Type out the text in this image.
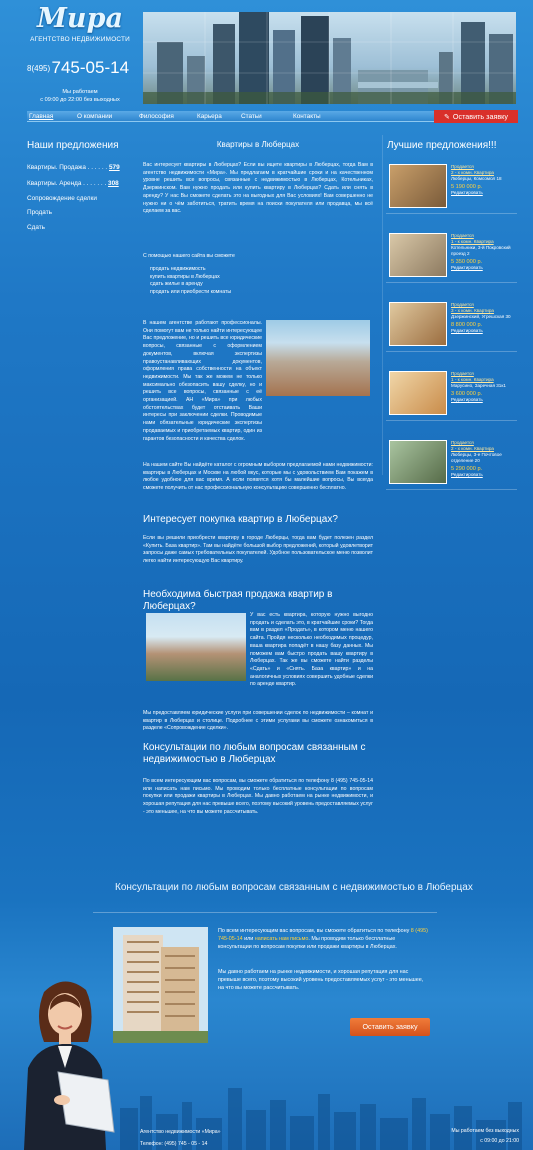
Мира
АГЕНТСТВО НЕДВИЖИМОСТИ
8(495) 745-05-14
Мы работаем
с 09:00 до 22:00 без выходных
Главная	О компании	Философия	Карьера	Статьи	Контакты	✎ Оставить заявку
Наши предложения
Квартиры. Продажа . . . . . . 579
Квартиры. Аренда . . . . . . . 308
Сопровождение сделки
Продать
Сдать
Лучшие предложения!!!
Продается
2 - х комн. Квартира
Люберцы, Комсомол 18
5 190 000 р.
Редактировать
Продается
1 - к комн. Квартира
Котельники, 3-й Покровский проезд 2
5 350 000 р.
Редактировать
Продается
3 - х комн. Квартира
Дзержинский, Угрешская 30
8 800 000 р.
Редактировать
Продается
1 - к комн. Квартира
Марусино, Заречная 31к1
3 600 000 р.
Редактировать
Продается
2 - х комн. Квартира
Люберцы, 3-е Почтовое отделение 20
5 290 000 р.
Редактировать
Квартиры в Люберцах
Вас интересует квартиры в Люберцах? Если вы ищете квартиры в Люберцах, тогда Вам в агентство недвижимости «Мира». Мы предлагаем в кратчайшие сроки и на качественном уровне решить все вопросы, связанные с недвижимостью в Люберцах, Котельниках, Дзержинском. Вам нужно продать или купить квартиру в Люберцах? Сдать или снять в аренду? У нас Вы сможете сделать это на выгодных для Вас условиях! Вам совершенно не нужно ни о чём заботиться, тратить время на поиски покупателя или продавца, мы всё сделаем за вас.
С помощью нашего сайта вы сможете
продать недвижимость
купить квартиры в Люберцах
сдать жилье в аренду
продать или приобрести комнаты
В нашем агентстве работают профессионалы. Они помогут вам не только найти интересующее Вас предложение, но и решить все юридические вопросы, связанные с оформлением документов, включая экспертизы правоустанавливающих документов, оформления права собственности на объект недвижимости. Мы так же можем не только максимально обезопасить вашу сделку, но и решить все вопросы, связанные с её организацией. АН «Мира» при любых обстоятельствах будет отстаивать Ваши интересы при заключении сделки. Проводимые нами обязательные юридические экспертизы продаваемых и приобретаемых квартир, один из гарантов безопасности и качества сделок.
На нашем сайте Вы найдёте каталог с огромным выбором предлагаемой нами недвижимости: квартиры в Люберцах и Москве на любой вкус, которые мы с удовольствием Вам покажем в любое удобное для вас время. А если появятся хотя бы малейшие вопросы, Вы всегда сможете получить от нас профессиональную консультацию совершенно бесплатно.
Интересует покупка квартир в Люберцах?
Если вы решили приобрести квартиру в городе Люберцы, тогда вам будет полезен раздел «Купить. База квартир». Там вы найдёте большой выбор предложений, который удовлетворит запросы даже самых требовательных покупателей. Удобное пользовательское меню позволит легко найти интересующую Вас квартиру.
Необходима быстрая продажа квартир в Люберцах?
У вас есть квартира, которую нужно выгодно продать и сделать это, в кратчайшие сроки? Тогда вам в раздел «Продать», в котором меню нашего сайта. Пройдя несколько необходимых процедур, ваша квартира попадёт в нашу базу данных. Мы поможем вам быстро продать вашу квартиру в Люберцах. Так же вы сможете найти разделы «Сдать» и «Снять. База квартир» и на аналогичных условиях совершить удобные сделки по аренде квартир.
Мы предоставляем юридические услуги при совершении сделок по недвижимости – комнат и квартир в Люберцах и столице. Подробнее с этими услугами вы сможете ознакомиться в разделе «Сопровождение сделки».
Консультации по любым вопросам связанным с недвижимостью в Люберцах
По всем интересующим вас вопросам, вы сможете обратиться по телефону 8 (495) 745-05-14 или написать нам письмо. Мы проводим только бесплатные консультации по вопросам покупки или продажи квартиры в Люберцах. Мы давно работаем на рынке недвижимости, и хорошая репутация для нас превыше всего, поэтому высокий уровень предоставляемых услуг - это меньшее, на что вы можете рассчитывать.
Консультации по любым вопросам связанным с недвижимостью в Люберцах
По всем интересующим вас вопросам, вы сможете обратиться по телефону 8 (495) 745-05-14 или написать нам письмо. Мы проводим только бесплатные консультации по вопросам покупки или продажи квартиры в Люберцах.
Мы давно работаем на рынке недвижимости, и хорошая репутация для нас превыше всего, поэтому высокий уровень предоставляемых услуг - это меньшее, на что вы можете рассчитывать.
Оставить заявку
Агентство недвижимости «Мира»
Телефон: (495) 745 - 05 - 14
Мы работаем без выходных
с 09:00 до 21:00
